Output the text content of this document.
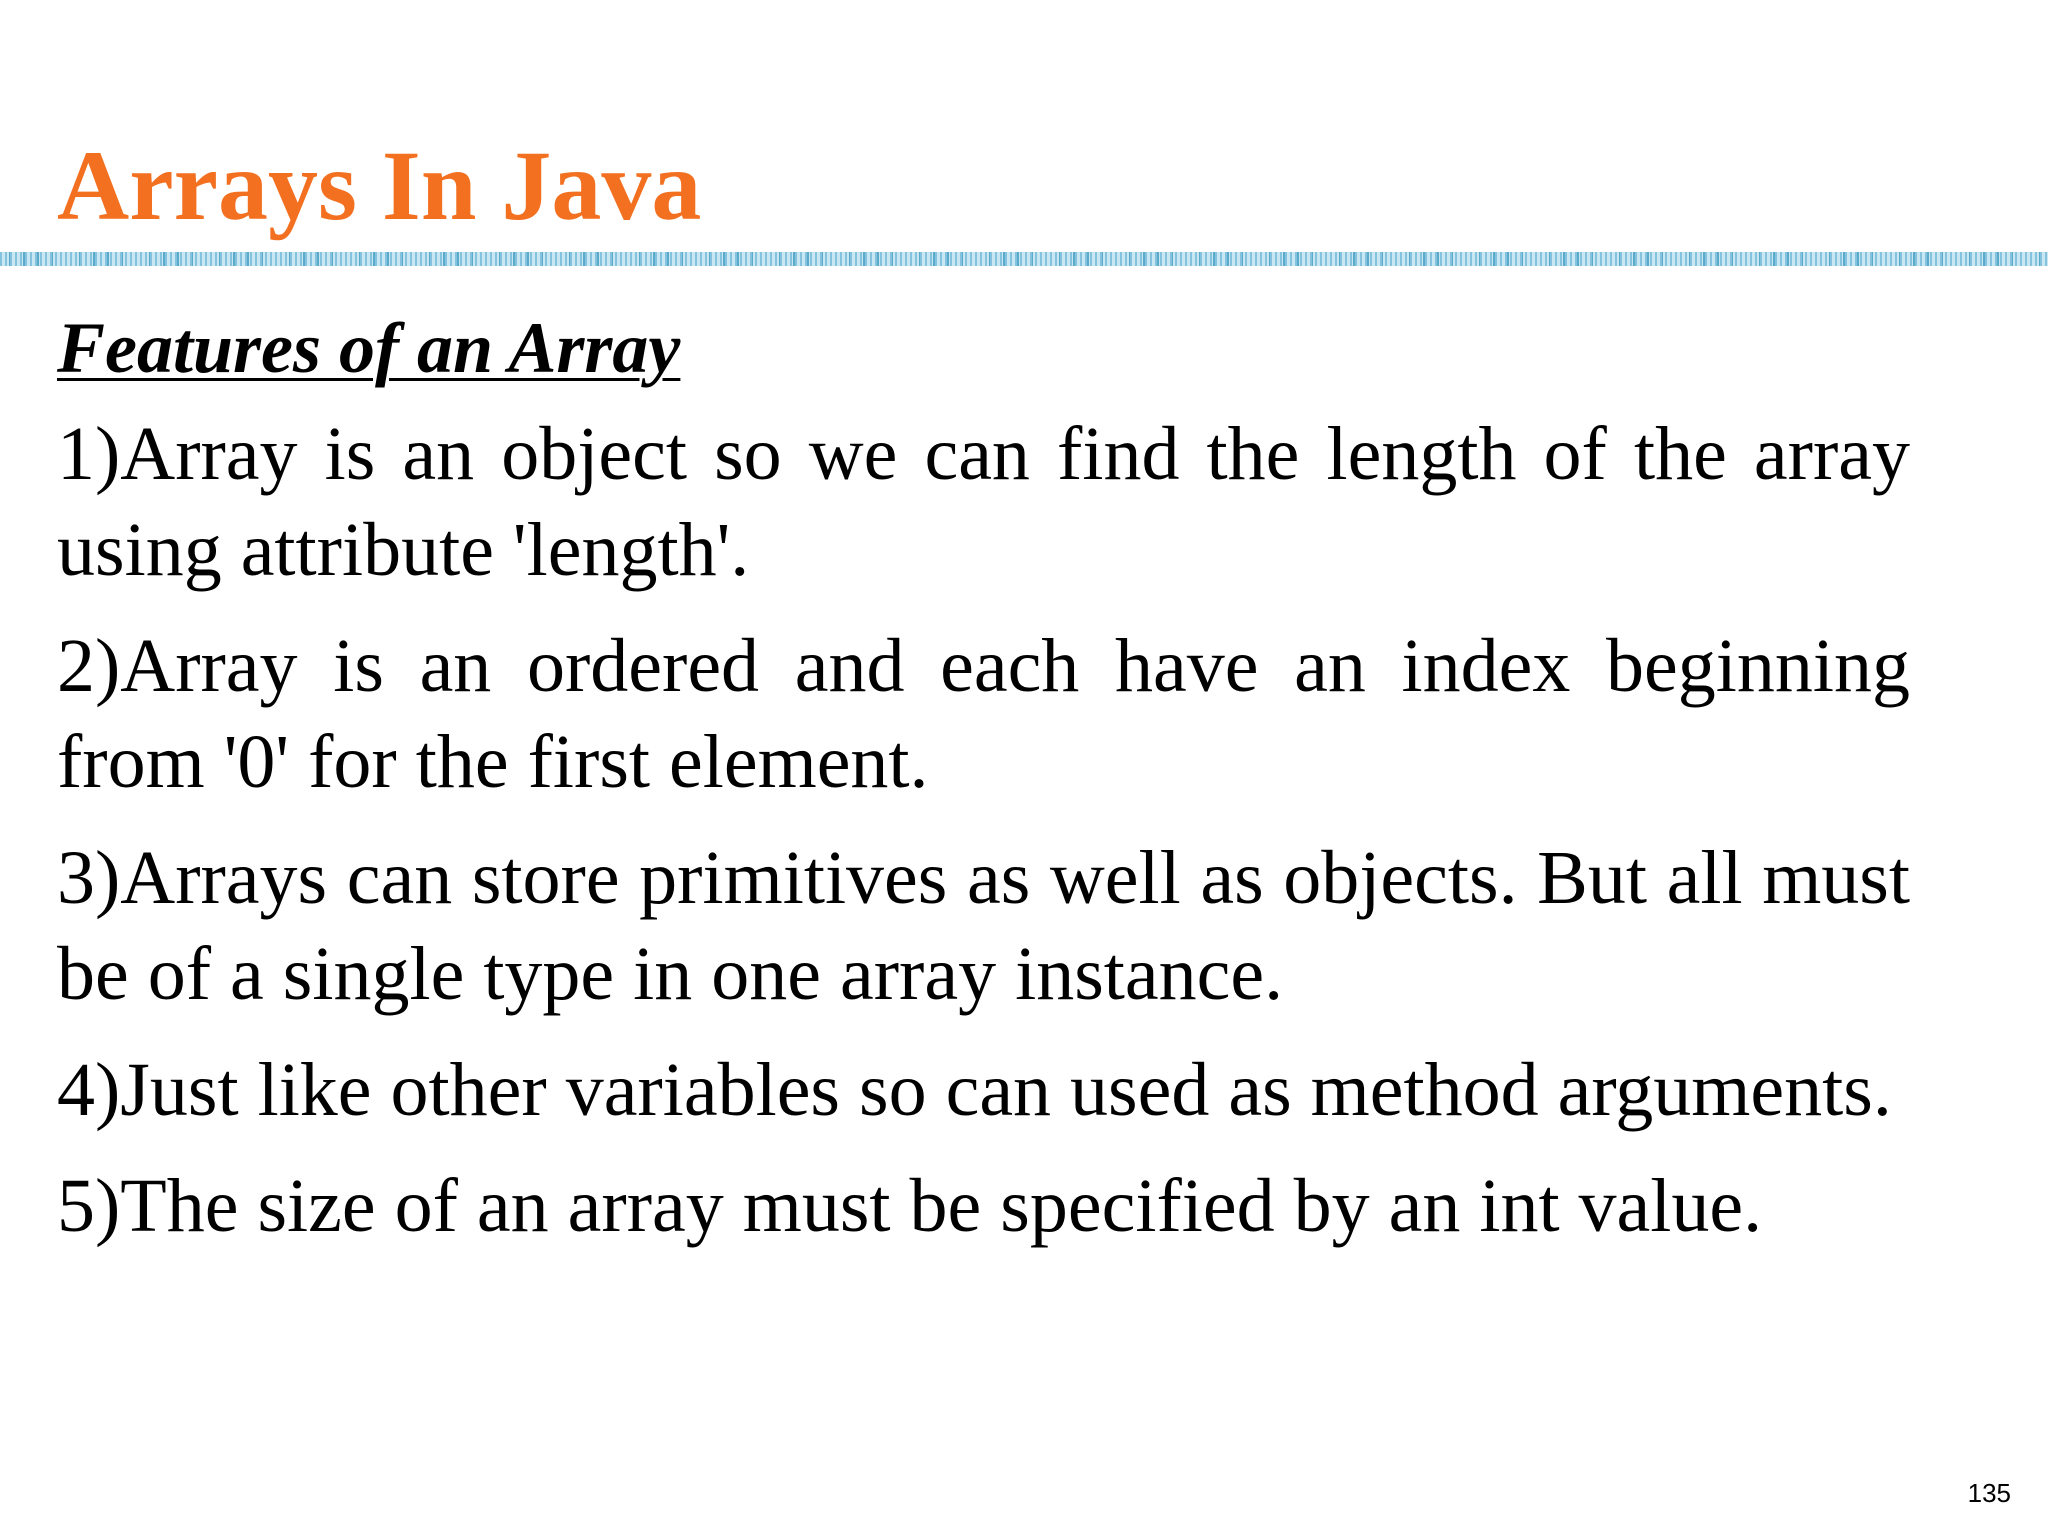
Arrays In Java
Features of an Array
1)Array is an object so we can find the length of the array using attribute 'length'.
2)Array is an ordered and each have an index beginning from '0' for the first element.
3)Arrays can store primitives as well as objects. But all must be of a single type in one array instance.
4)Just like other variables so can used as method arguments.
5)The size of an array must be specified by an int value.
135
